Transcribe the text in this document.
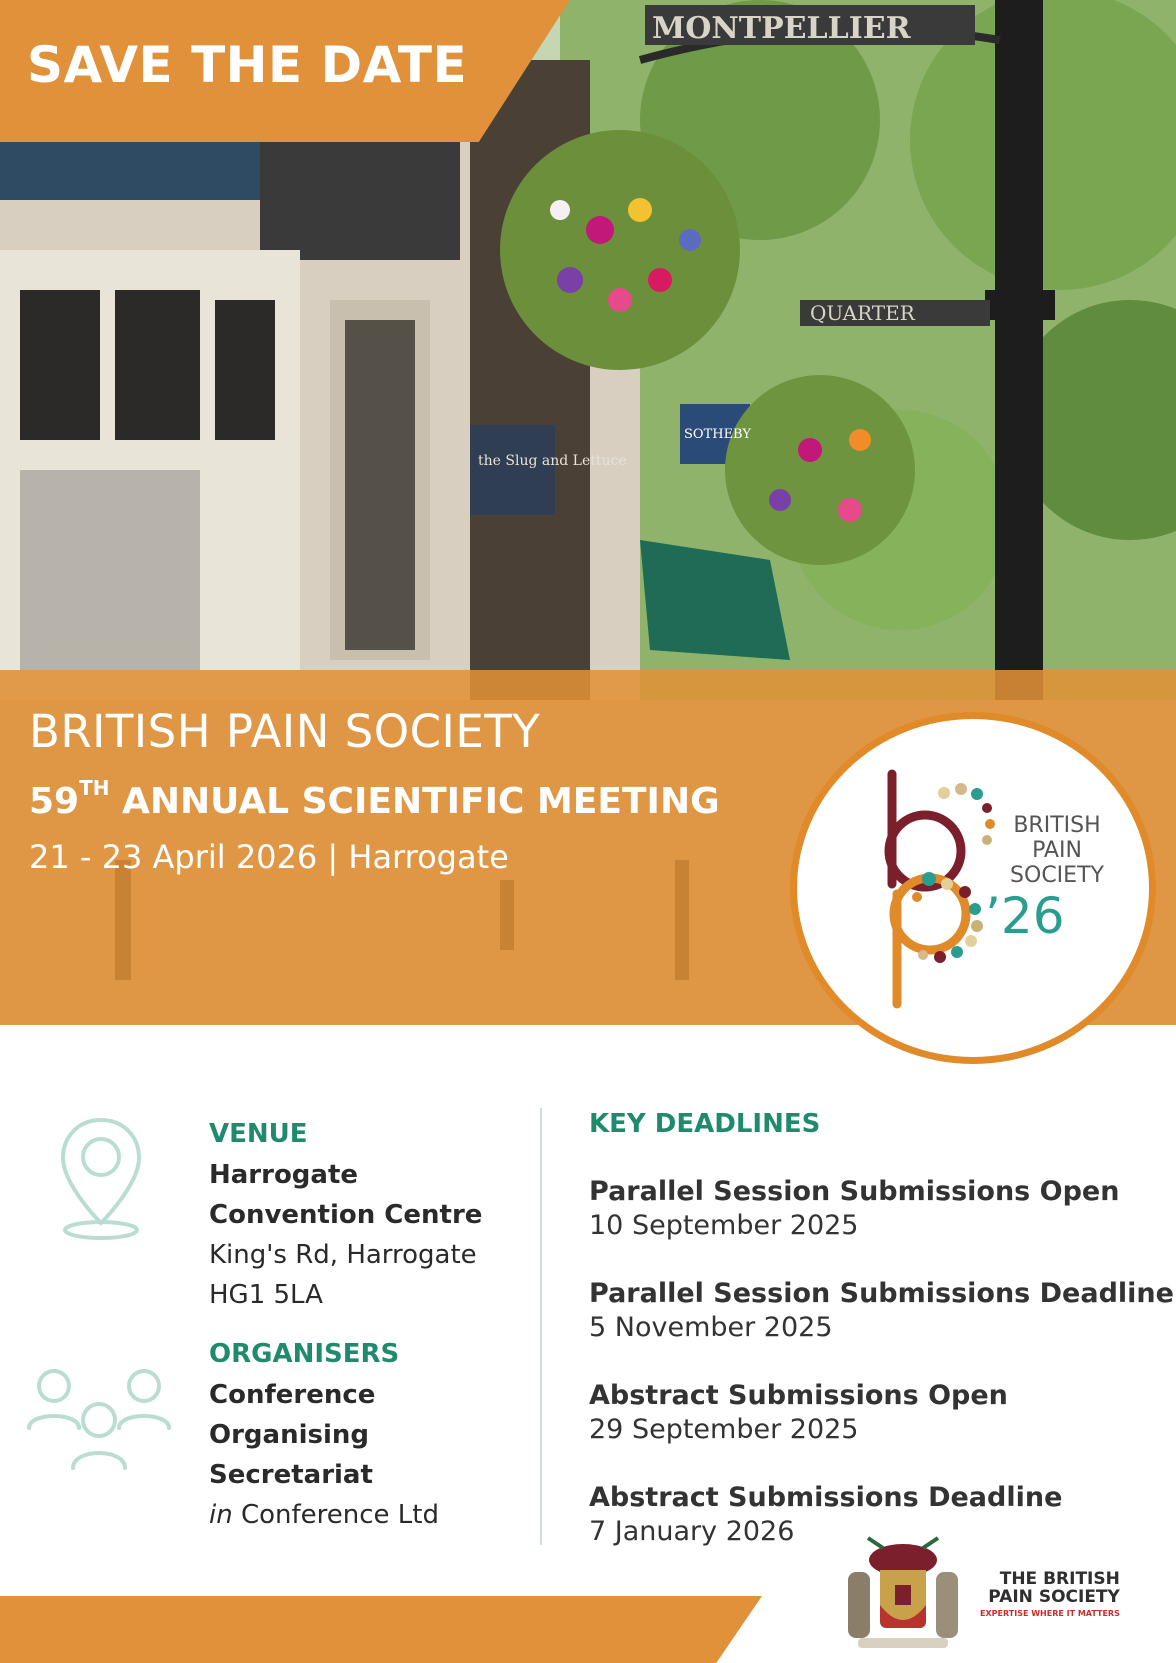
MONTPELLIER
QUARTER
the Slug and Lettuce
SOTHEBY
SAVE THE DATE
BRITISH PAIN SOCIETY
59TH ANNUAL SCIENTIFIC MEETING
21 - 23 April 2026 | Harrogate
BRITISH
PAIN
SOCIETY
’26
VENUE
Harrogate
Convention Centre
King's Rd, Harrogate
HG1 5LA
ORGANISERS
Conference
Organising
Secretariat
in Conference Ltd
KEY DEADLINES
Parallel Session Submissions Open
10 September 2025
Parallel Session Submissions Deadline
5 November 2025
Abstract Submissions Open
29 September 2025
Abstract Submissions Deadline
7 January 2026
THE BRITISH
PAIN SOCIETY
EXPERTISE WHERE IT MATTERS
